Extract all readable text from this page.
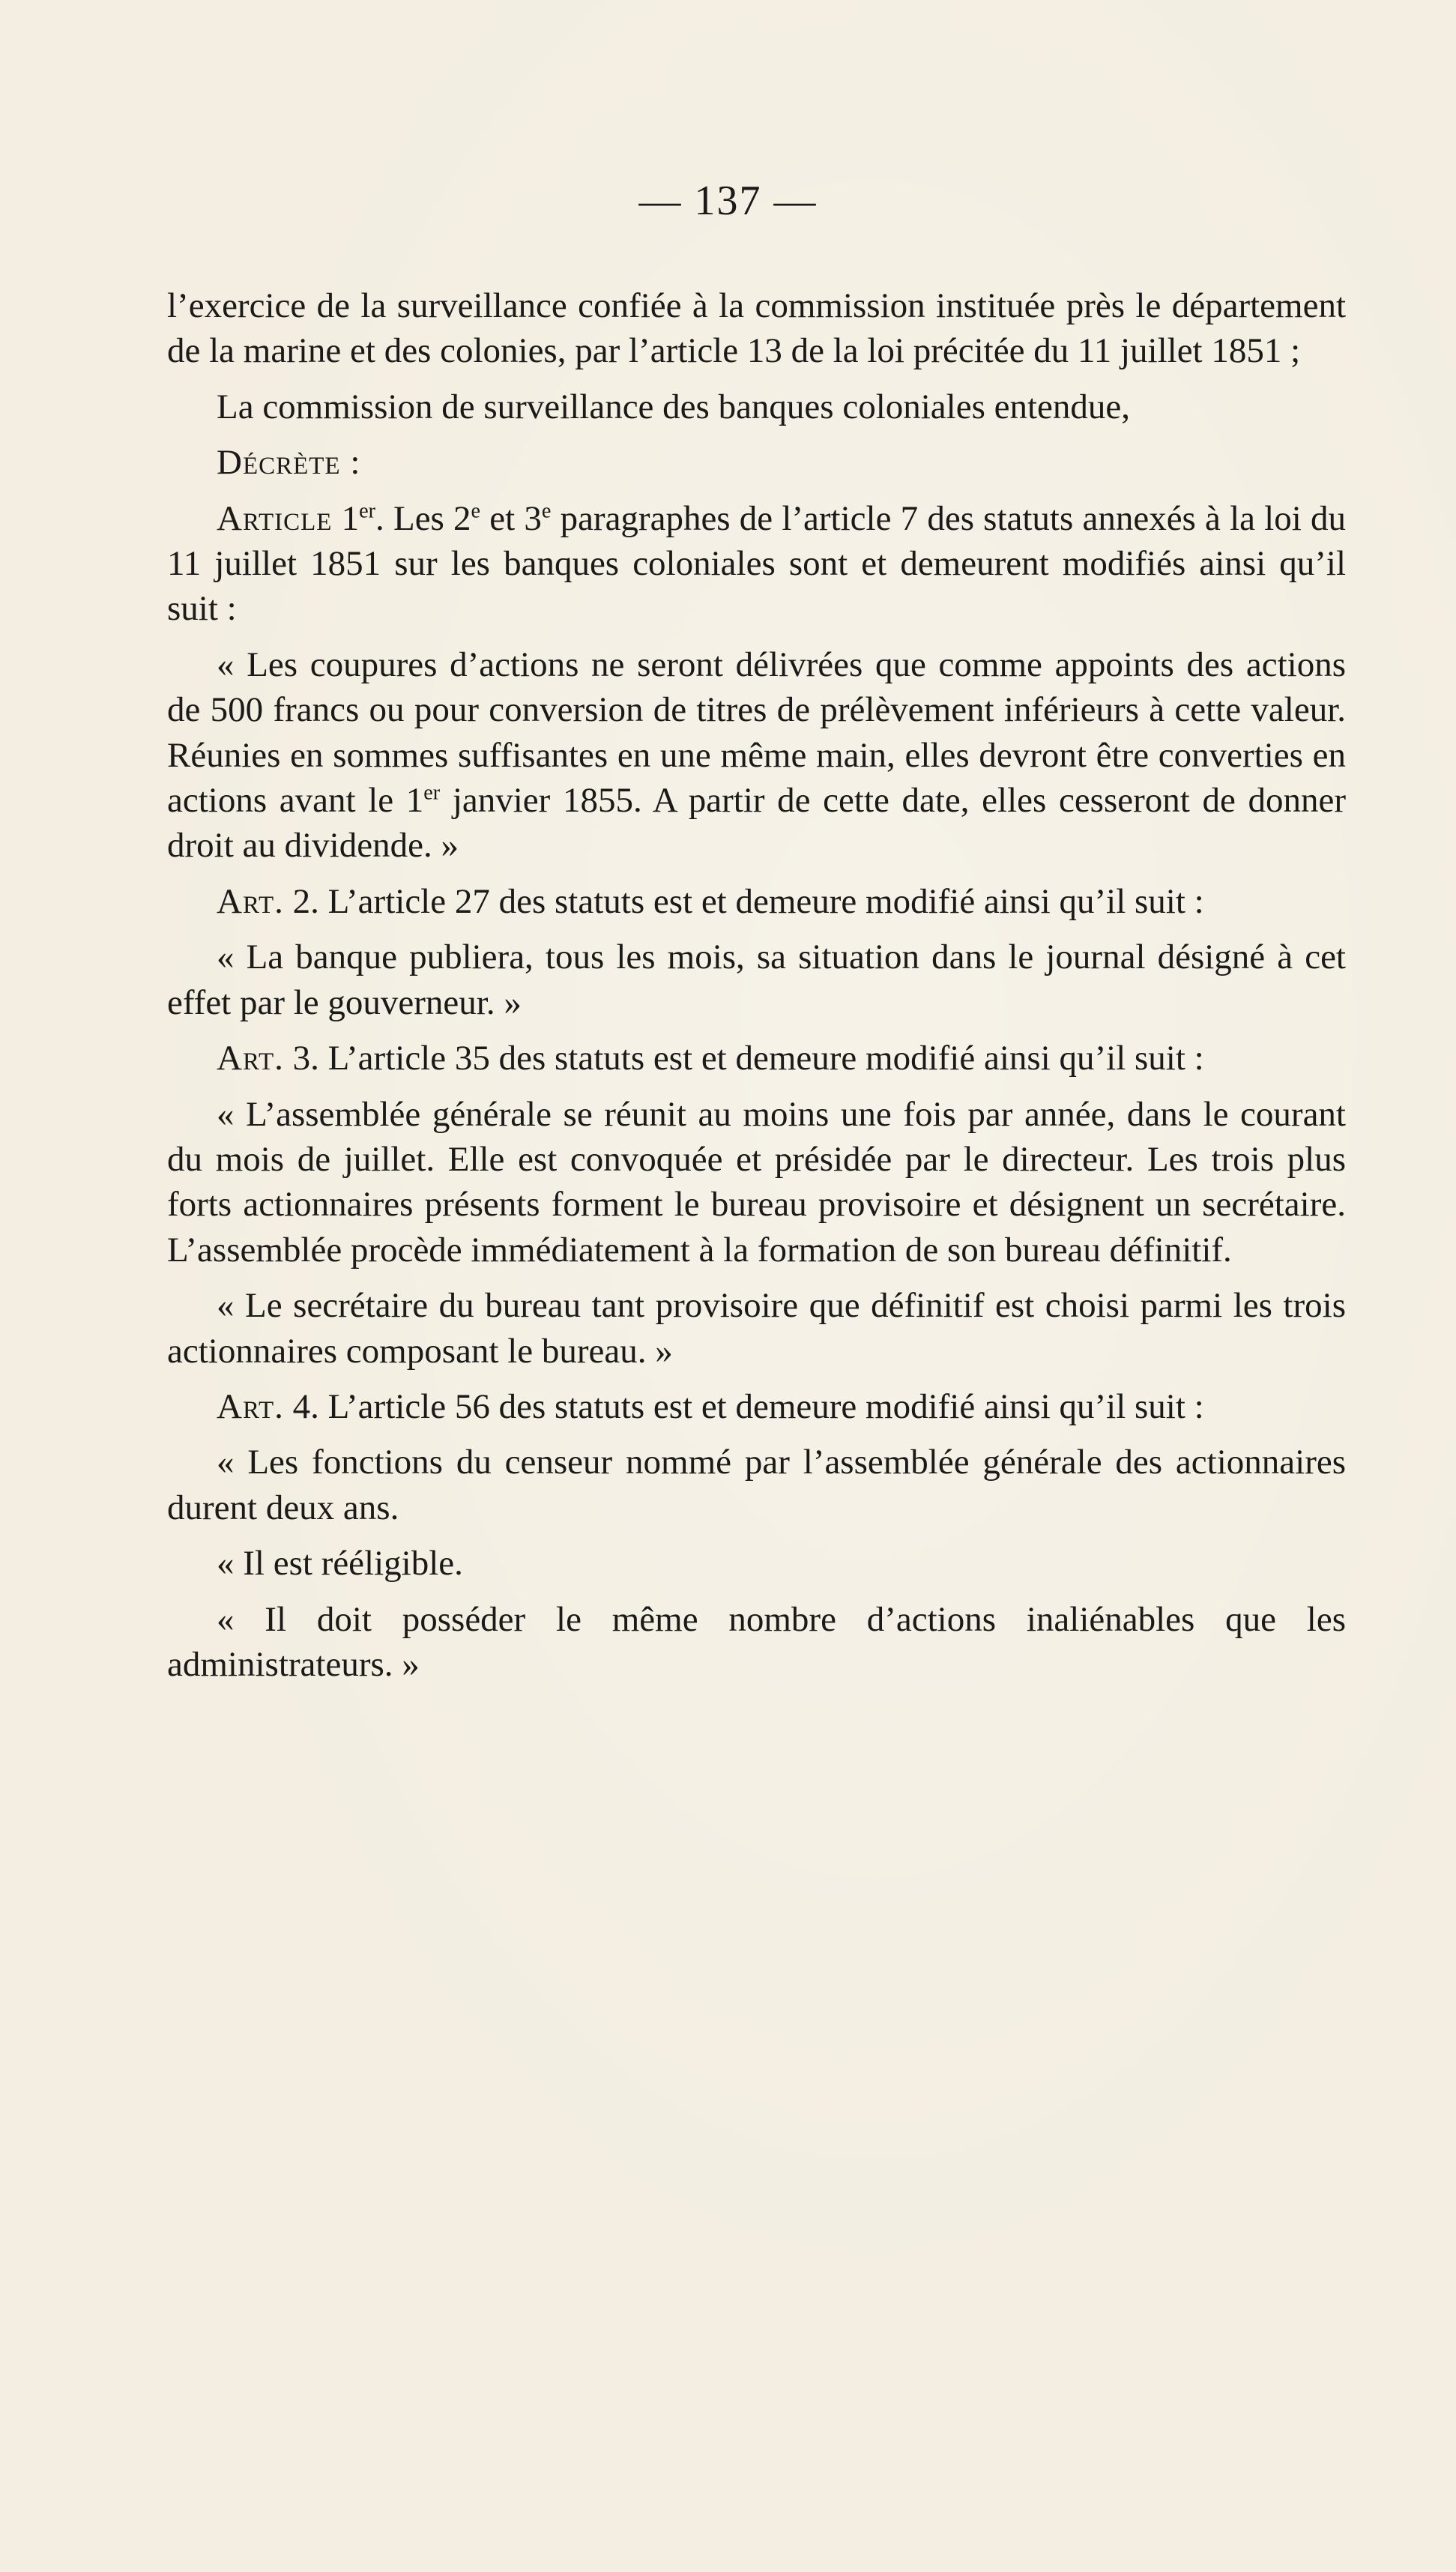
— 137 —

l’exercice de la surveillance confiée à la commission instituée près le département de la marine et des colonies, par l’article 13 de la loi précitée du 11 juillet 1851 ;

La commission de surveillance des banques coloniales entendue,

Décrète :

Article 1er. Les 2e et 3e paragraphes de l’article 7 des statuts annexés à la loi du 11 juillet 1851 sur les banques coloniales sont et demeurent modifiés ainsi qu’il suit :

« Les coupures d’actions ne seront délivrées que comme appoints des actions de 500 francs ou pour conversion de titres de prélèvement inférieurs à cette valeur. Réunies en sommes suffisantes en une même main, elles devront être converties en actions avant le 1er janvier 1855. A partir de cette date, elles cesseront de donner droit au dividende. »

Art. 2. L’article 27 des statuts est et demeure modifié ainsi qu’il suit :

« La banque publiera, tous les mois, sa situation dans le journal désigné à cet effet par le gouverneur. »

Art. 3. L’article 35 des statuts est et demeure modifié ainsi qu’il suit :

« L’assemblée générale se réunit au moins une fois par année, dans le courant du mois de juillet. Elle est convoquée et présidée par le directeur. Les trois plus forts actionnaires présents forment le bureau provisoire et désignent un secrétaire. L’assemblée procède immédiatement à la formation de son bureau définitif.

« Le secrétaire du bureau tant provisoire que définitif est choisi parmi les trois actionnaires composant le bureau. »

Art. 4. L’article 56 des statuts est et demeure modifié ainsi qu’il suit :

« Les fonctions du censeur nommé par l’assemblée générale des actionnaires durent deux ans.

« Il est rééligible.

« Il doit posséder le même nombre d’actions inaliénables que les administrateurs. »
